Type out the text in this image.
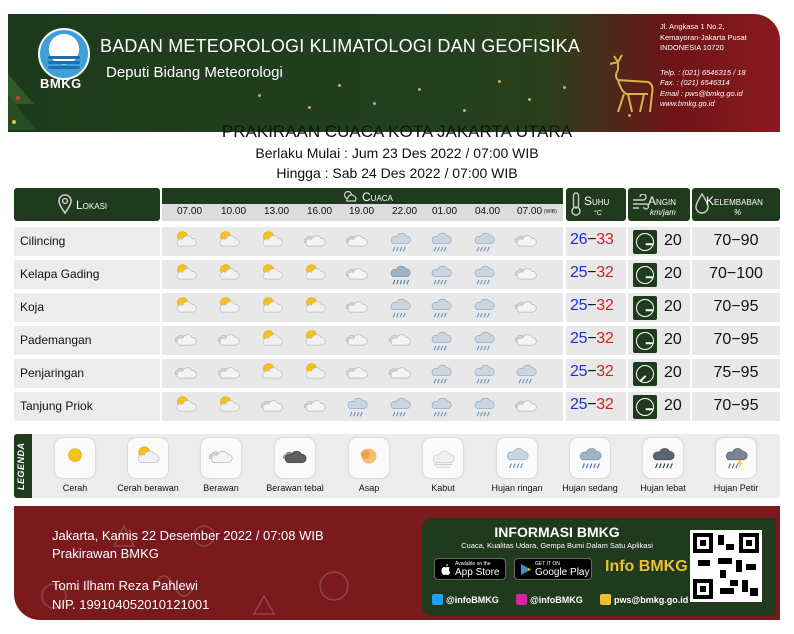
BMKG
BADAN METEOROLOGI KLIMATOLOGI DAN GEOFISIKA
Deputi Bidang Meteorologi
Jl. Angkasa 1 No.2,
Kemayoran-Jakarta Pusat
INDONESIA 10720
Telp. : (021) 6546315 / 18
Fax. : (021) 6546314
Email : pws@bmkg.go.id
www.bmkg.go.id
PRAKIRAAN CUACA KOTA JAKARTA UTARA
Berlaku Mulai : Jum 23 Des 2022 / 07:00 WIB
Hingga : Sab 24 Des 2022 / 07:00 WIB
Lokasi
Cuaca
07.00 10.00 13.00 16.00 19.00 22.00 01.00 04.00 07.00 (WIB)
Suhu
°C
Angin
km/jam
Kelembaban
%
Cilincing	26−33	20	70−90
Kelapa Gading	25−32	20	70−100
Koja	25−32	20	70−95
Pademangan	25−32	20	70−95
Penjaringan	25−32	20	75−95
Tanjung Priok	25−32	20	70−95
LEGENDA	Cerah	Cerah berawan	Berawan	Berawan tebal	Asap	Kabut	Hujan ringan	Hujan sedang	Hujan lebat	Hujan Petir
Jakarta, Kamis 22 Desember 2022 / 07:08 WIB
Prakirawan BMKG
Tomi Ilham Reza Pahlewi
NIP. 199104052010121001
INFORMASI BMKG
Cuaca, Kualitas Udara, Gempa Bumi Dalam Satu Aplikasi
Available on the
App Store
GET IT ON
Google Play Info BMKG
@infoBMKG	@infoBMKG	pws@bmkg.go.id
